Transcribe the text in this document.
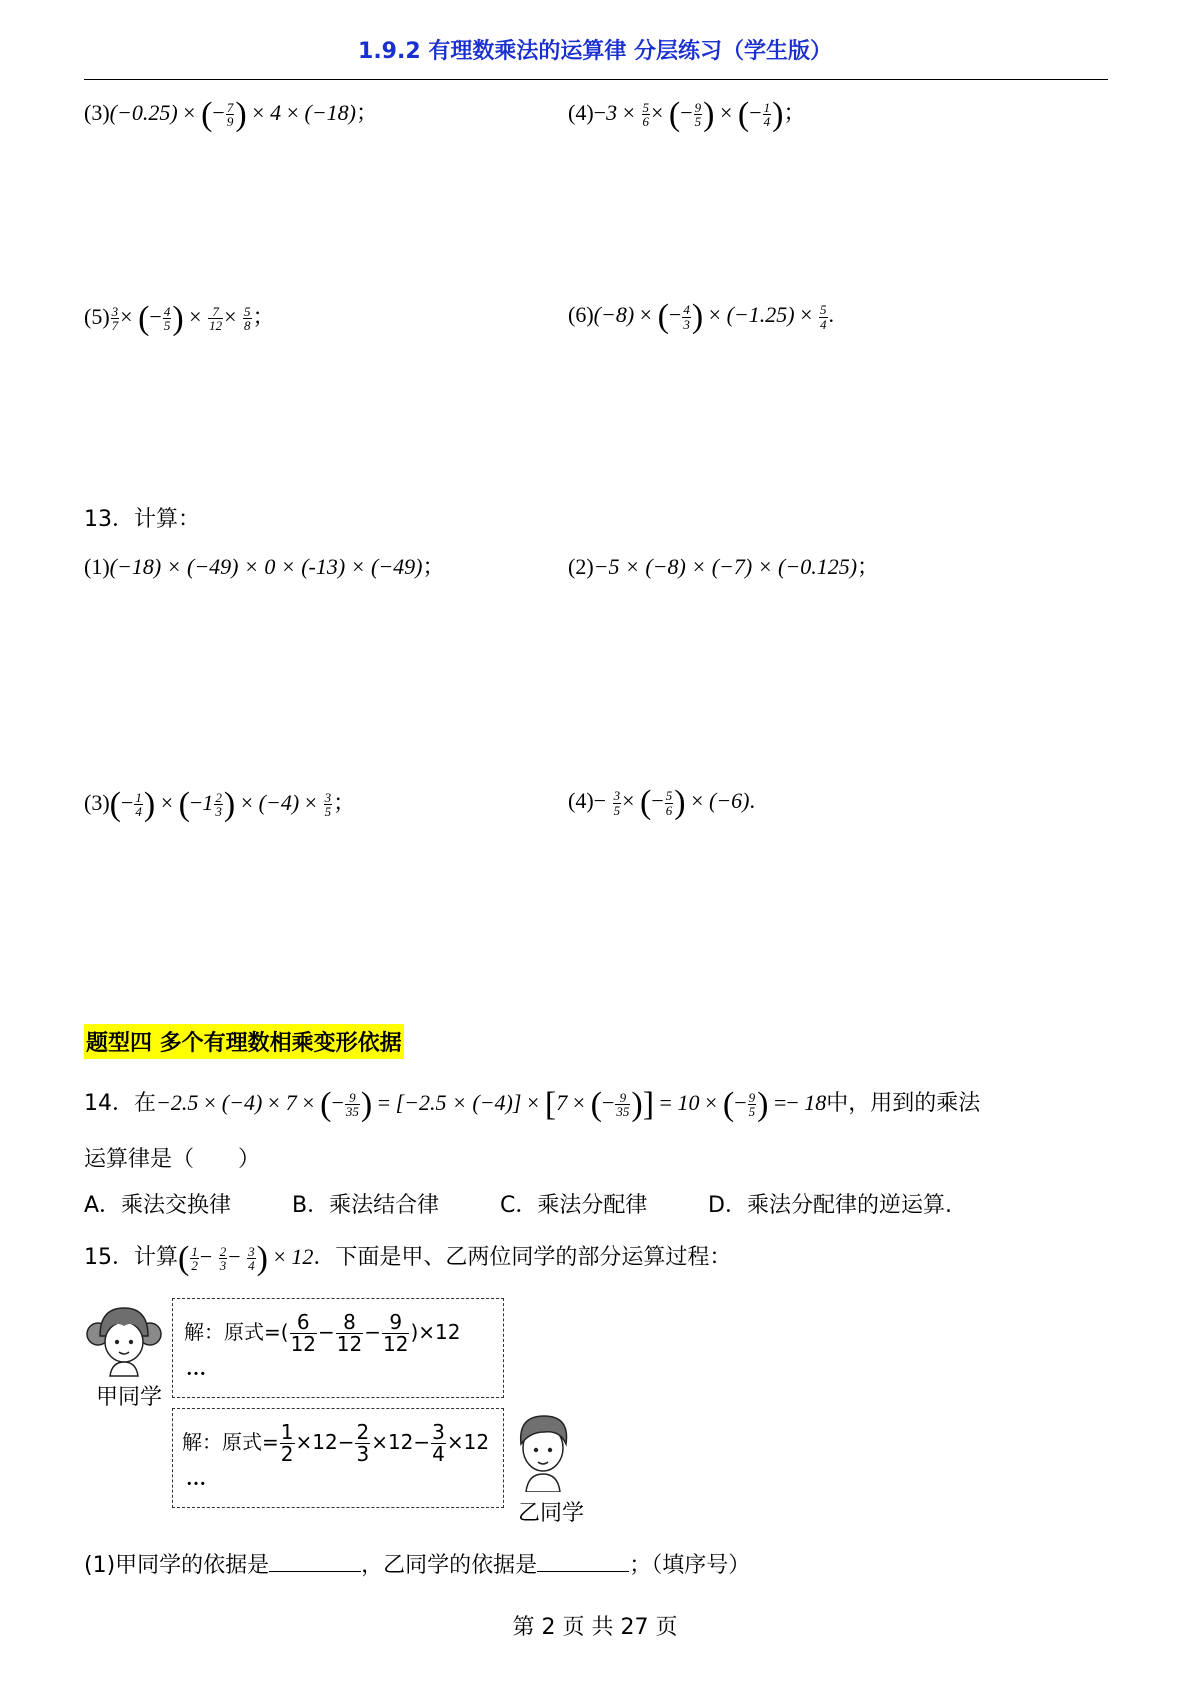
1.9.2 有理数乘法的运算律 分层练习（学生版）
(3)(−0.25) × (− $\frac{7}{9}$ ) × 4 × (−18)；	$(4)-3 \times \frac{5}{6}$ × (− $\frac{9}{5}$ ) × (− $\frac{1}{4}$ )；
$(5) \frac{3}{7}$ × (− $\frac{4}{5}$ ) × $\frac{7}{12} \times \frac{5}{8}$ ；	(6)(−8) × (− $\frac{4}{3}$ ) × $(-1.25) \times \frac{5}{4}$ .
13．计算：
(1)(−18) × (−49) × 0 × (-13) × (−49)；	(2)−5 × (−8) × (−7) × (−0.125)；
$(3)(- \frac{1}{4}$ ) × ($-1 \frac{2}{3}$ ) × $(-4) \times \frac{3}{5}$ ；	$(4)- \frac{3}{5}$ × (− $\frac{5}{6}$ ) × (−6).
题型四 多个有理数相乘变形依据
14．在−2.5 × (−4) × 7 × (− $\frac{9}{35}$ ) = [−2.5 × (−4)] × [7 × (− $\frac{9}{35}$ )] = 10 × (− $\frac{9}{5}$ ) =− 18中，用到的乘法
运算律是（　　）
A．乘法交换律	B．乘法结合律	C．乘法分配律	D．乘法分配律的逆运算.
15．计算( $\frac{1}{2} - \frac{2}{3} - \frac{3}{4}$ ) × 12．下面是甲、乙两位同学的部分运算过程：
甲同学
解：原式=( $\frac{6}{12} - \frac{8}{12} - \frac{9}{12} )\times 12$
…
解：原式= $\frac{1}{2} \times 12- \frac{2}{3} \times 12- \frac{3}{4} \times 12$
…
乙同学
(1)甲同学的依据是	，乙同学的依据是	；（填序号）
第 2 页 共 27 页
